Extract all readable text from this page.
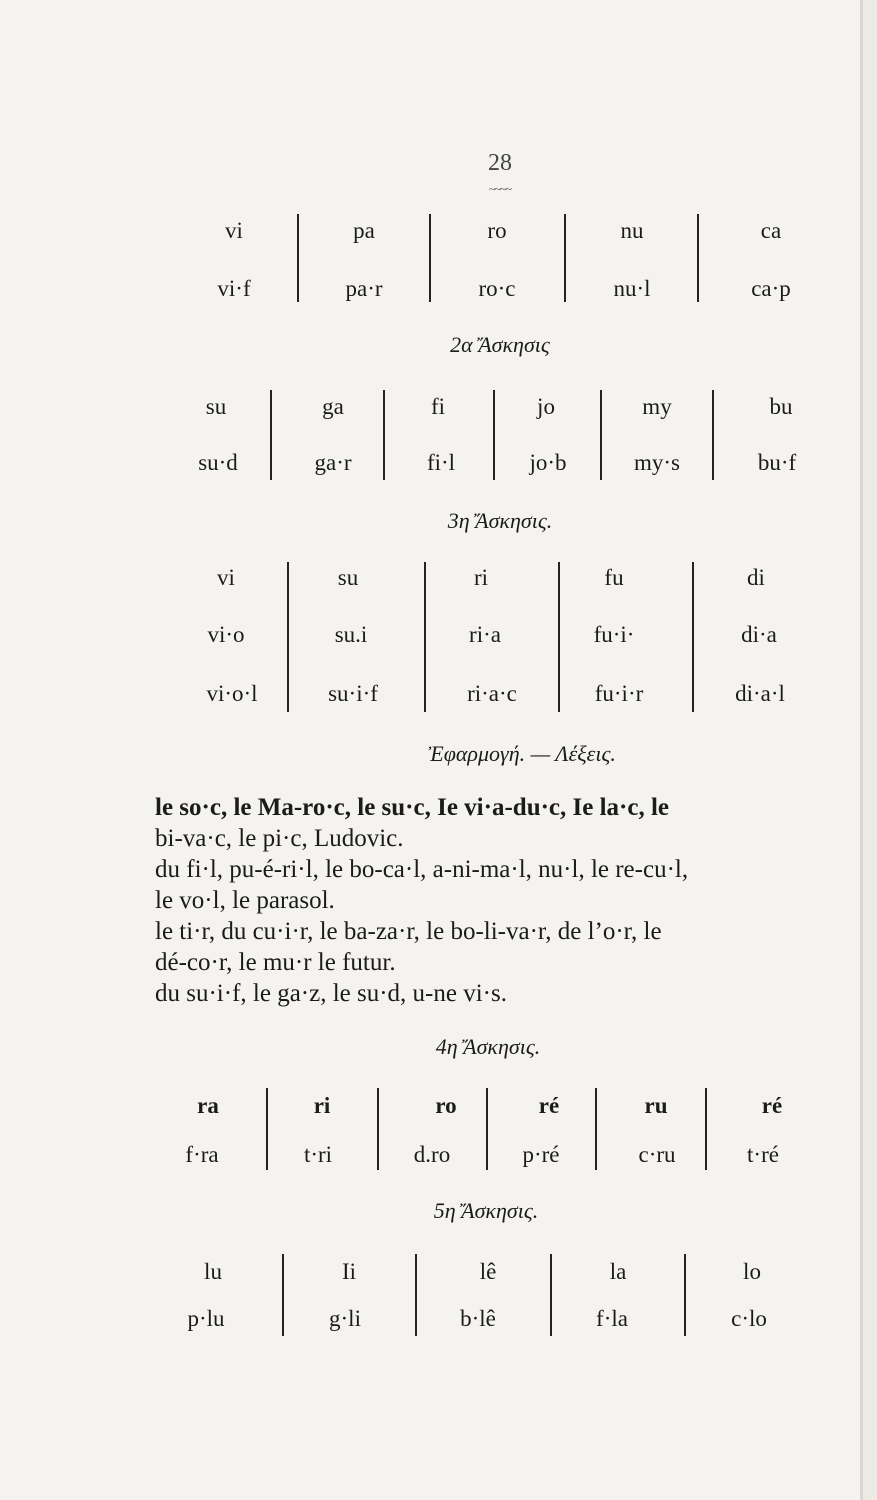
28
~~~~
vi	pa	ro	nu	ca
vi·f	pa·r	ro·c	nu·l	ca·p
2α Ἄσκησις
su	ga	fi	jo	my	bu
su·d	ga·r	fi·l	jo·b	my·s	bu·f
3η Ἄσκησις.
vi	su	ri	fu	di
vi·o	su.i	ri·a	fu·i·	di·a
vi·o·l	su·i·f	ri·a·c	fu·i·r	di·a·l
Ἐφαρμογή. — Λέξεις.
le so·c, le Ma-ro·c, le su·c, Ie vi·a-du·c, Ie la·c, le
bi-va·c, le pi·c, Ludovic.
du fi·l, pu-é-ri·l, le bo-ca·l, a-ni-ma·l, nu·l, le re-cu·l,
le vo·l, le parasol.
le ti·r, du cu·i·r, le ba-za·r, le bo-li-va·r, de l’o·r, le
dé-co·r, le mu·r le futur.
du su·i·f, le ga·z, le su·d, u-ne vi·s.
4η Ἄσκησις.
ra	ri	ro	ré	ru	ré
f·ra	t·ri	d.ro	p·ré	c·ru	t·ré
5η Ἄσκησις.
lu	Ii	lê	la	lo
p·lu	g·li	b·lê	f·la	c·lo
